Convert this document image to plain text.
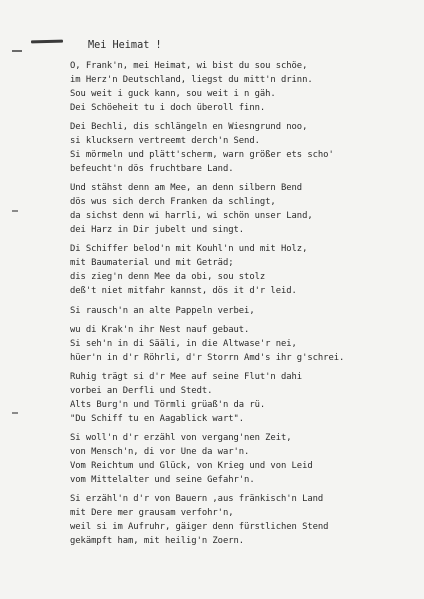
Mei Heimat !
O, Frank'n, mei Heimat, wi bist du sou schöe,
im Herz'n Deutschland, liegst du mitt'n drinn.
Sou weit i guck kann, sou weit i n gäh.
Dei Schöeheit tu i doch überoll finn.
Dei Bechli, dis schlängeln en Wiesngrund noo,
si klucksern vertreemt derch'n Send.
Si mörmeln und plätt'scherm, warn größer ets scho'
befeucht'n dös fruchtbare Land.
Und stähst denn am Mee, an denn silbern Bend
dös wus sich derch Franken da schlingt,
da sichst denn wi harrli, wi schön unser Land,
dei Harz in Dir jubelt und singt.
Di Schiffer belod'n mit Kouhl'n und mit Holz,
mit Baumaterial und mit Geträd;
dis zieg'n denn Mee da obi, sou stolz
deß't niet mitfahr kannst, dös it d'r leid.
Si rausch'n an alte Pappeln verbei,
wu di Krak'n ihr Nest nauf gebaut.
Si seh'n in di Sääli, in die Altwase'r nei,
hüer'n in d'r Röhrli, d'r Storrn Amd's ihr g'schrei.
Ruhig trägt si d'r Mee auf seine Flut'n dahi
vorbei an Derfli und Stedt.
Alts Burg'n und Törmli grüaß'n da rü.
"Du Schiff tu en Aagablick wart".
Si woll'n d'r erzähl von vergang'nen Zeit,
von Mensch'n, di vor Une da war'n.
Vom Reichtum und Glück, von Krieg und von Leid
vom Mittelalter und seine Gefahr'n.
Si erzähl'n d'r von Bauern ,aus fränkisch'n Land
mit Dere mer grausam verfohr'n,
weil si im Aufruhr, gäiger denn fürstlichen Stend
gekämpft ham, mit heilig'n Zoern.
